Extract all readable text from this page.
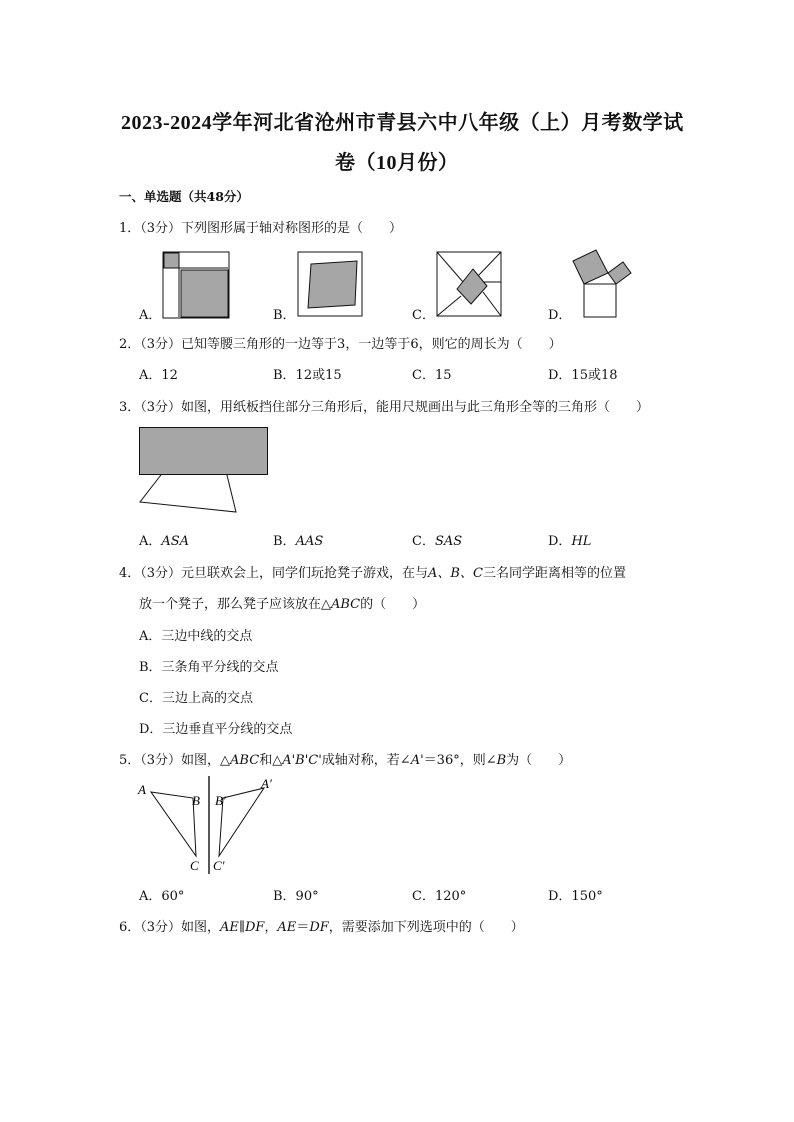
2023-2024学年河北省沧州市青县六中八年级（上）月考数学试
卷（10月份）
一、单选题（共48分）
1．（3分）下列图形属于轴对称图形的是（　　）
A．	B．	C．	D．
2．（3分）已知等腰三角形的一边等于3，一边等于6，则它的周长为（　　）
A．12	B．12或15	C．15	D．15或18
3．（3分）如图，用纸板挡住部分三角形后，能用尺规画出与此三角形全等的三角形（　　）
A．ASA	B．AAS	C．SAS	D．HL
4．（3分）元旦联欢会上，同学们玩抢凳子游戏，在与A、B、C三名同学距离相等的位置
放一个凳子，那么凳子应该放在△ABC的（　　）
A．三边中线的交点
B．三条角平分线的交点
C．三边上高的交点
D．三边垂直平分线的交点
5．（3分）如图，△ABC和△A'B'C'成轴对称，若∠A'＝36°，则∠B为（　　）
A
B
C
B′
A′
C′
A．60°	B．90°	C．120°	D．150°
6．（3分）如图，AE∥DF，AE＝DF，需要添加下列选项中的（　　）
